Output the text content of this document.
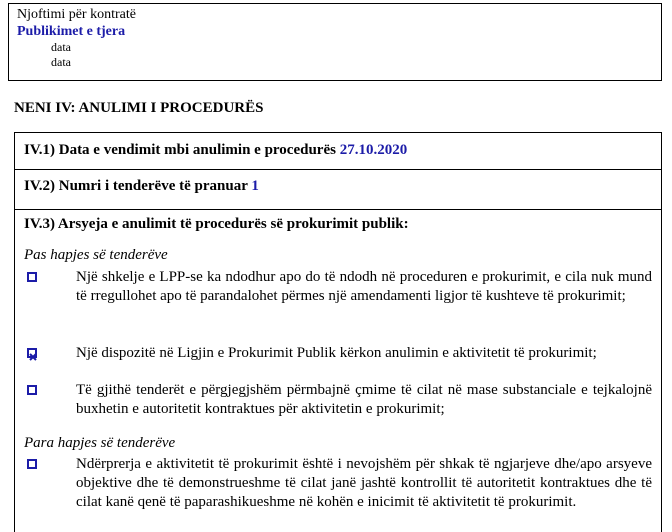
Njoftimi për kontratë
Publikimet e tjera
data
data
NENI IV: ANULIMI I PROCEDURËS
IV.1) Data e vendimit mbi anulimin e procedurës 27.10.2020
IV.2) Numri i tenderëve të pranuar 1
IV.3) Arsyeja e anulimit të procedurës së prokurimit publik:
Pas hapjes së tenderëve
Një shkelje e LPP-se ka ndodhur apo do të ndodh në proceduren e prokurimit, e cila nuk mund të rregullohet apo të parandalohet përmes një amendamenti ligjor të kushteve të prokurimit;
Një dispozitë në Ligjin e Prokurimit Publik kërkon anulimin e aktivitetit të prokurimit;
Të gjithë tenderët e përgjegjshëm përmbajnë çmime të cilat në mase substanciale e tejkalojnë buxhetin e autoritetit kontraktues për aktivitetin e prokurimit;
Para hapjes së tenderëve
Ndërprerja e aktivitetit të prokurimit është i nevojshëm për shkak të ngjarjeve dhe/apo arsyeve objektive dhe të demonstrueshme të cilat janë jashtë kontrollit të autoritetit kontraktues dhe të cilat kanë qenë të paparashikueshme në kohën e inicimit të aktivitetit të prokurimit.
